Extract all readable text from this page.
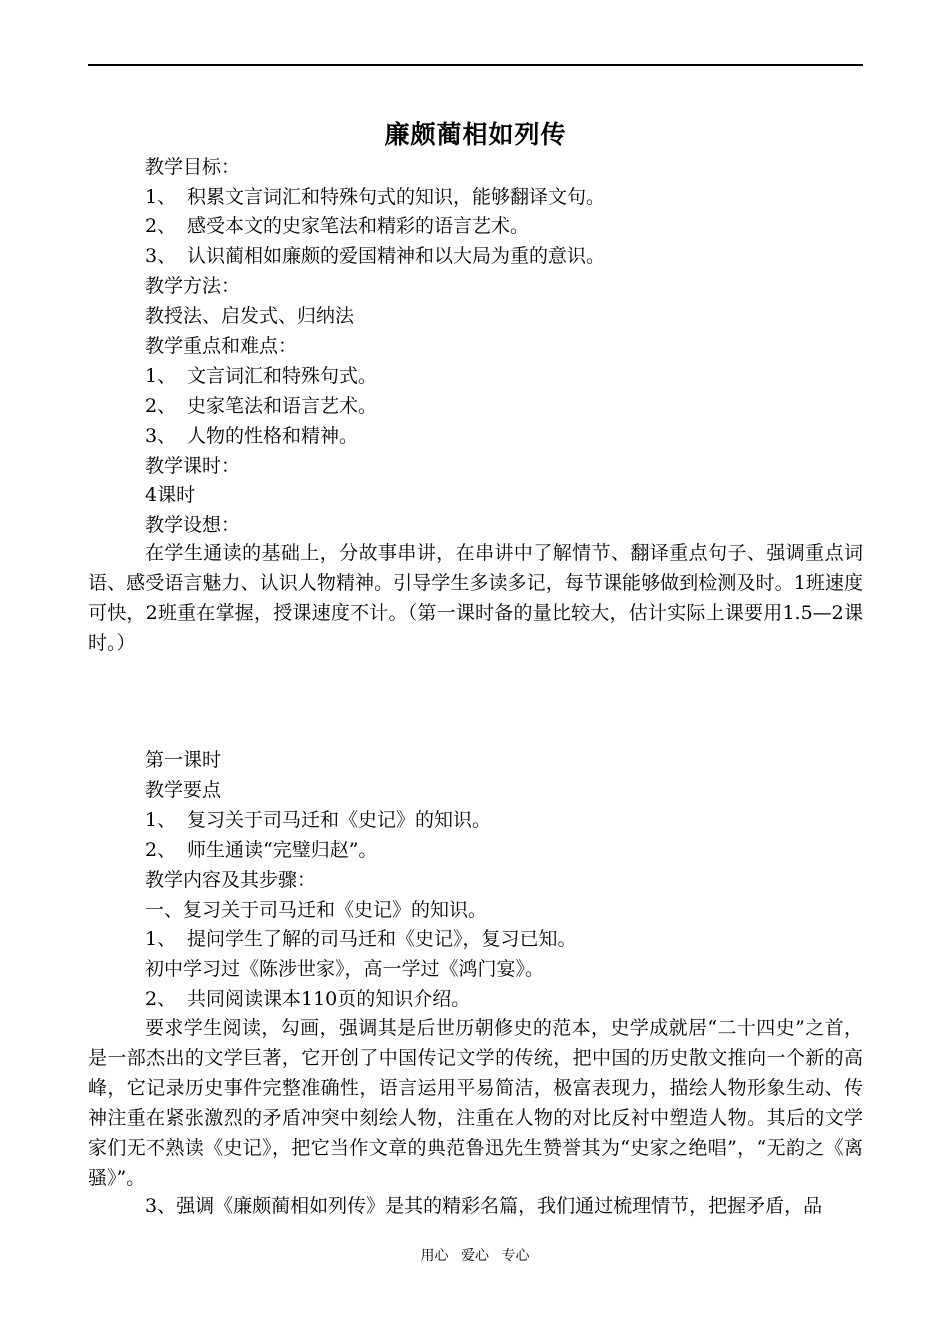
廉颇蔺相如列传
教学目标：
1、 积累文言词汇和特殊句式的知识，能够翻译文句。
2、 感受本文的史家笔法和精彩的语言艺术。
3、 认识蔺相如廉颇的爱国精神和以大局为重的意识。
教学方法：
教授法、启发式、归纳法
教学重点和难点：
1、 文言词汇和特殊句式。
2、 史家笔法和语言艺术。
3、 人物的性格和精神。
教学课时：
4课时
教学设想：
在学生通读的基础上，分故事串讲，在串讲中了解情节、翻译重点句子、强调重点词语、感受语言魅力、认识人物精神。引导学生多读多记，每节课能够做到检测及时。1班速度可快，2班重在掌握，授课速度不计。（第一课时备的量比较大，估计实际上课要用1.5—2课时。）
第一课时
教学要点
1、 复习关于司马迁和《史记》的知识。
2、 师生通读“完璧归赵”。
教学内容及其步骤：
一、复习关于司马迁和《史记》的知识。
1、 提问学生了解的司马迁和《史记》，复习已知。
初中学习过《陈涉世家》，高一学过《鸿门宴》。
2、 共同阅读课本110页的知识介绍。
要求学生阅读，勾画，强调其是后世历朝修史的范本，史学成就居“二十四史”之首，是一部杰出的文学巨著，它开创了中国传记文学的传统，把中国的历史散文推向一个新的高峰，它记录历史事件完整准确性，语言运用平易简洁，极富表现力，描绘人物形象生动、传神注重在紧张激烈的矛盾冲突中刻绘人物，注重在人物的对比反衬中塑造人物。其后的文学家们无不熟读《史记》，把它当作文章的典范鲁迅先生赞誉其为“史家之绝唱”，“无韵之《离骚》”。
3、强调《廉颇蔺相如列传》是其的精彩名篇，我们通过梳理情节，把握矛盾，品
用心 爱心 专心
